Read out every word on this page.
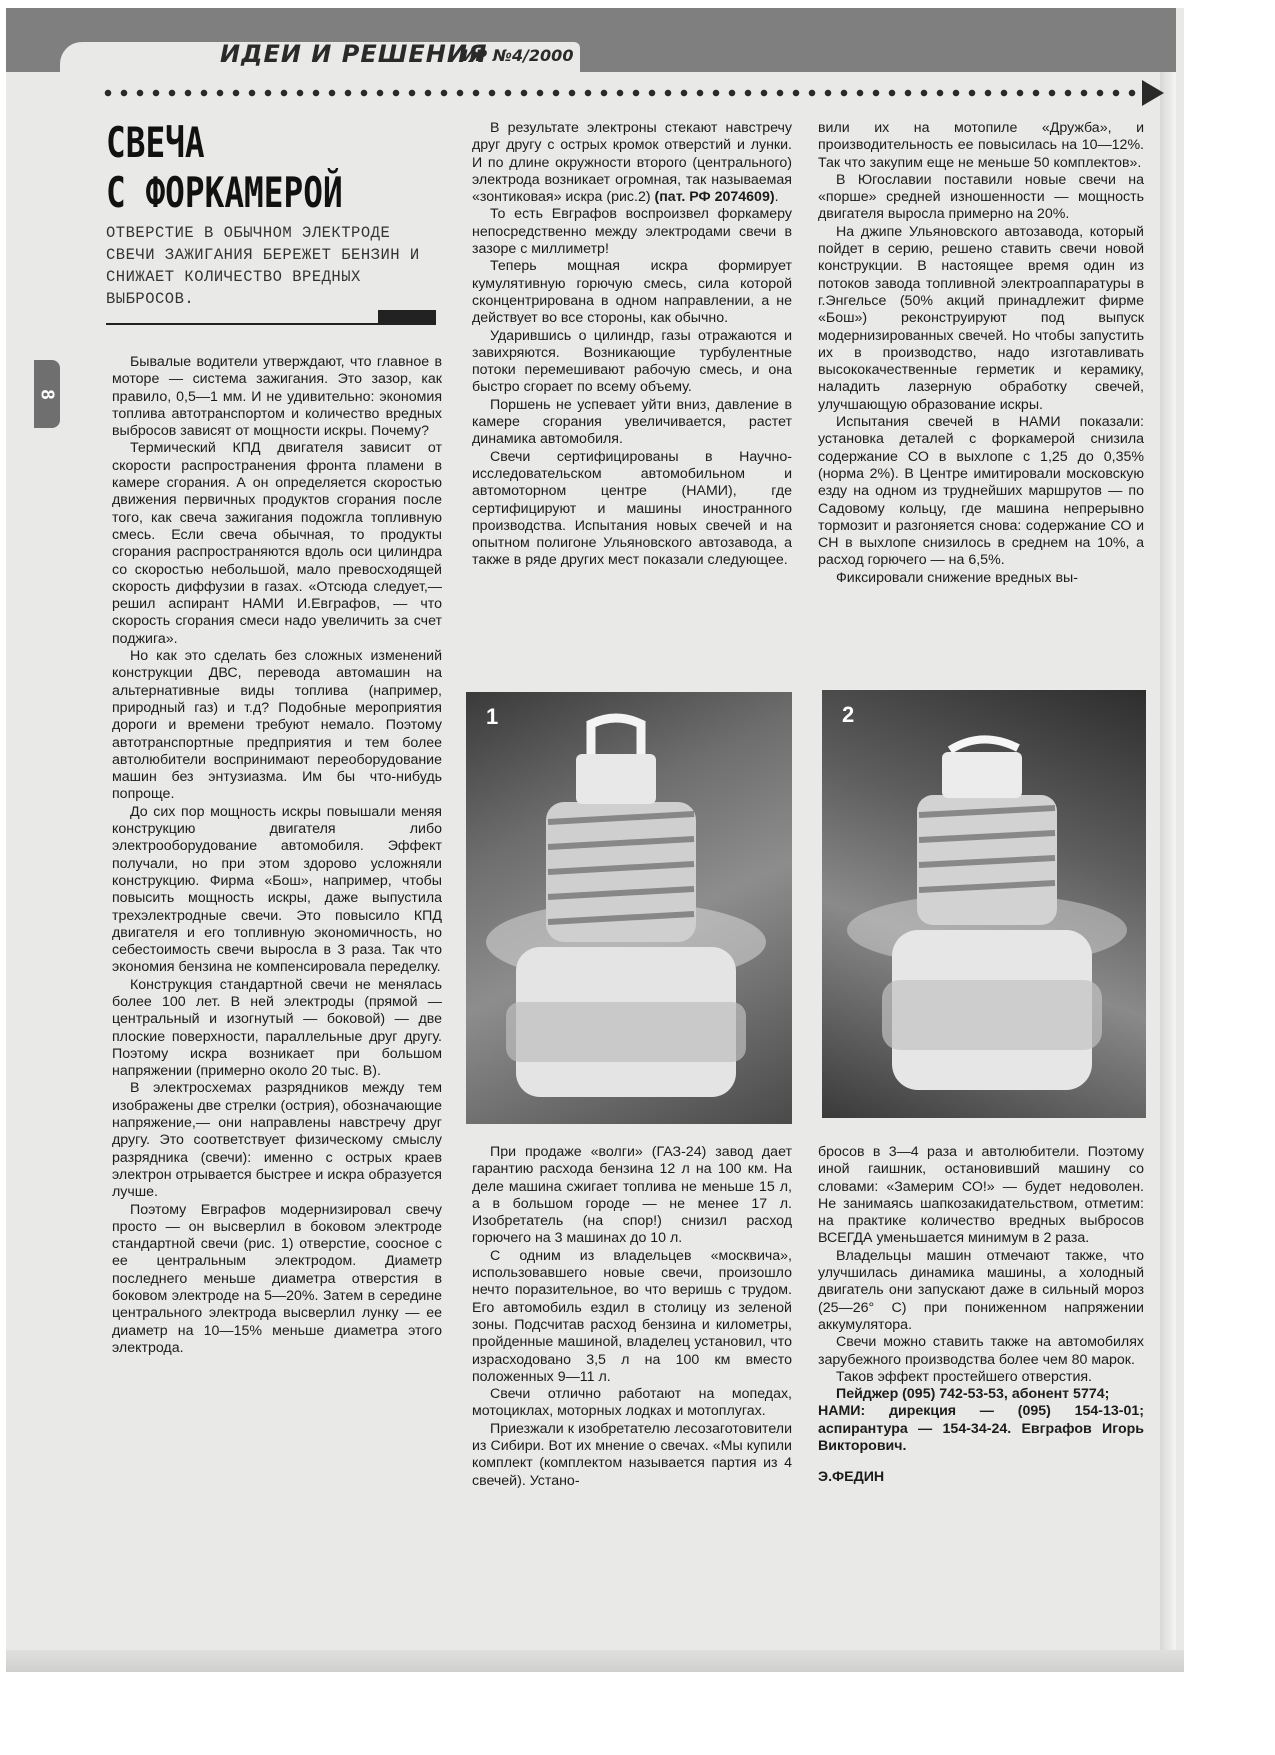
ИДЕИ И РЕШЕНИЯ
ИР №4/2000
8
СВЕЧА
С ФОРКАМЕРОЙ

ОТВЕРСТИЕ В ОБЫЧНОМ ЭЛЕКТРОДЕ СВЕЧИ ЗАЖИГАНИЯ БЕРЕЖЕТ БЕНЗИН И СНИЖАЕТ КОЛИЧЕСТВО ВРЕДНЫХ ВЫБРОСОВ.

Бывалые водители утверждают, что главное в моторе — система зажигания. Это зазор, как правило, 0,5—1 мм. И не удивительно: экономия топлива автотранспортом и количество вредных выбросов зависят от мощности искры. Почему?

Термический КПД двигателя зависит от скорости распространения фронта пламени в камере сгорания. А он определяется скоростью движения первичных продуктов сгорания после того, как свеча зажигания подожгла топливную смесь. Если свеча обычная, то продукты сгорания распространяются вдоль оси цилиндра со скоростью небольшой, мало превосходящей скорость диффузии в газах. «Отсюда следует,— решил аспирант НАМИ И.Евграфов, — что скорость сгорания смеси надо увеличить за счет поджига».

Но как это сделать без сложных изменений конструкции ДВС, перевода автомашин на альтернативные виды топлива (например, природный газ) и т.д? Подобные мероприятия дороги и времени требуют немало. Поэтому автотранспортные предприятия и тем более автолюбители воспринимают переоборудование машин без энтузиазма. Им бы что-нибудь попроще.

До сих пор мощность искры повышали меняя конструкцию двигателя либо электрооборудование автомобиля. Эффект получали, но при этом здорово усложняли конструкцию. Фирма «Бош», например, чтобы повысить мощность искры, даже выпустила трехэлектродные свечи. Это повысило КПД двигателя и его топливную экономичность, но себестоимость свечи выросла в 3 раза. Так что экономия бензина не компенсировала переделку.

Конструкция стандартной свечи не менялась более 100 лет. В ней электроды (прямой — центральный и изогнутый — боковой) — две плоские поверхности, параллельные друг другу. Поэтому искра возникает при большом напряжении (примерно около 20 тыс. В).

В электросхемах разрядников между тем изображены две стрелки (острия), обозначающие напряжение,— они направлены навстречу друг другу. Это соответствует физическому смыслу разрядника (свечи): именно с острых краев электрон отрывается быстрее и искра образуется лучше.

Поэтому Евграфов модернизировал свечу просто — он высверлил в боковом электроде стандартной свечи (рис. 1) отверстие, соосное с ее центральным электродом. Диаметр последнего меньше диаметра отверстия в боковом электроде на 5—20%. Затем в середине центрального электрода высверлил лунку — ее диаметр на 10—15% меньше диаметра этого электрода.

В результате электроны стекают навстречу друг другу с острых кромок отверстий и лунки. И по длине окружности второго (центрального) электрода возникает огромная, так называемая «зонтиковая» искра (рис.2) (пат. РФ 2074609).

То есть Евграфов воспроизвел форкамеру непосредственно между электродами свечи в зазоре с миллиметр!

Теперь мощная искра формирует кумулятивную горючую смесь, сила которой сконцентрирована в одном направлении, а не действует во все стороны, как обычно.

Ударившись о цилиндр, газы отражаются и завихряются. Возникающие турбулентные потоки перемешивают рабочую смесь, и она быстро сгорает по всему объему.

Поршень не успевает уйти вниз, давление в камере сгорания увеличивается, растет динамика автомобиля.

Свечи сертифицированы в Научно-исследовательском автомобильном и автомоторном центре (НАМИ), где сертифицируют и машины иностранного производства. Испытания новых свечей и на опытном полигоне Ульяновского автозавода, а также в ряде других мест показали следующее.

вили их на мотопиле «Дружба», и производительность ее повысилась на 10—12%. Так что закупим еще не меньше 50 комплектов».

В Югославии поставили новые свечи на «порше» средней изношенности — мощность двигателя выросла примерно на 20%.

На джипе Ульяновского автозавода, который пойдет в серию, решено ставить свечи новой конструкции. В настоящее время один из потоков завода топливной электроаппаратуры в г.Энгельсе (50% акций принадлежит фирме «Бош») реконструируют под выпуск модернизированных свечей. Но чтобы запустить их в производство, надо изготавливать высококачественные герметик и керамику, наладить лазерную обработку свечей, улучшающую образование искры.

Испытания свечей в НАМИ показали: установка деталей с форкамерой снизила содержание СО в выхлопе с 1,25 до 0,35% (норма 2%). В Центре имитировали московскую езду на одном из труднейших маршрутов — по Садовому кольцу, где машина непрерывно тормозит и разгоняется снова: содержание СО и СН в выхлопе снизилось в среднем на 10%, а расход горючего — на 6,5%.

Фиксировали снижение вредных вы-

1	2

При продаже «волги» (ГАЗ-24) завод дает гарантию расхода бензина 12 л на 100 км. На деле машина сжигает топлива не меньше 15 л, а в большом городе — не менее 17 л. Изобретатель (на спор!) снизил расход горючего на 3 машинах до 10 л.

С одним из владельцев «москвича», использовавшего новые свечи, произошло нечто поразительное, во что веришь с трудом. Его автомобиль ездил в столицу из зеленой зоны. Подсчитав расход бензина и километры, пройденные машиной, владелец установил, что израсходовано 3,5 л на 100 км вместо положенных 9—11 л.

Свечи отлично работают на мопедах, мотоциклах, моторных лодках и мотоплугах.

Приезжали к изобретателю лесозаготовители из Сибири. Вот их мнение о свечах. «Мы купили комплект (комплектом называется партия из 4 свечей). Устано-

бросов в 3—4 раза и автолюбители. Поэтому иной гаишник, остановивший машину со словами: «Замерим СО!» — будет недоволен. Не занимаясь шапкозакидательством, отметим: на практике количество вредных выбросов ВСЕГДА уменьшается минимум в 2 раза.

Владельцы машин отмечают также, что улучшилась динамика машины, а холодный двигатель они запускают даже в сильный мороз (25—26° С) при пониженном напряжении аккумулятора.

Свечи можно ставить также на автомобилях зарубежного производства более чем 80 марок.

Таков эффект простейшего отверстия.

Пейджер (095) 742-53-53, абонент 5774;

НАМИ: дирекция — (095) 154-13-01; аспирантура — 154-34-24. Евграфов Игорь Викторович.

Э.ФЕДИН
